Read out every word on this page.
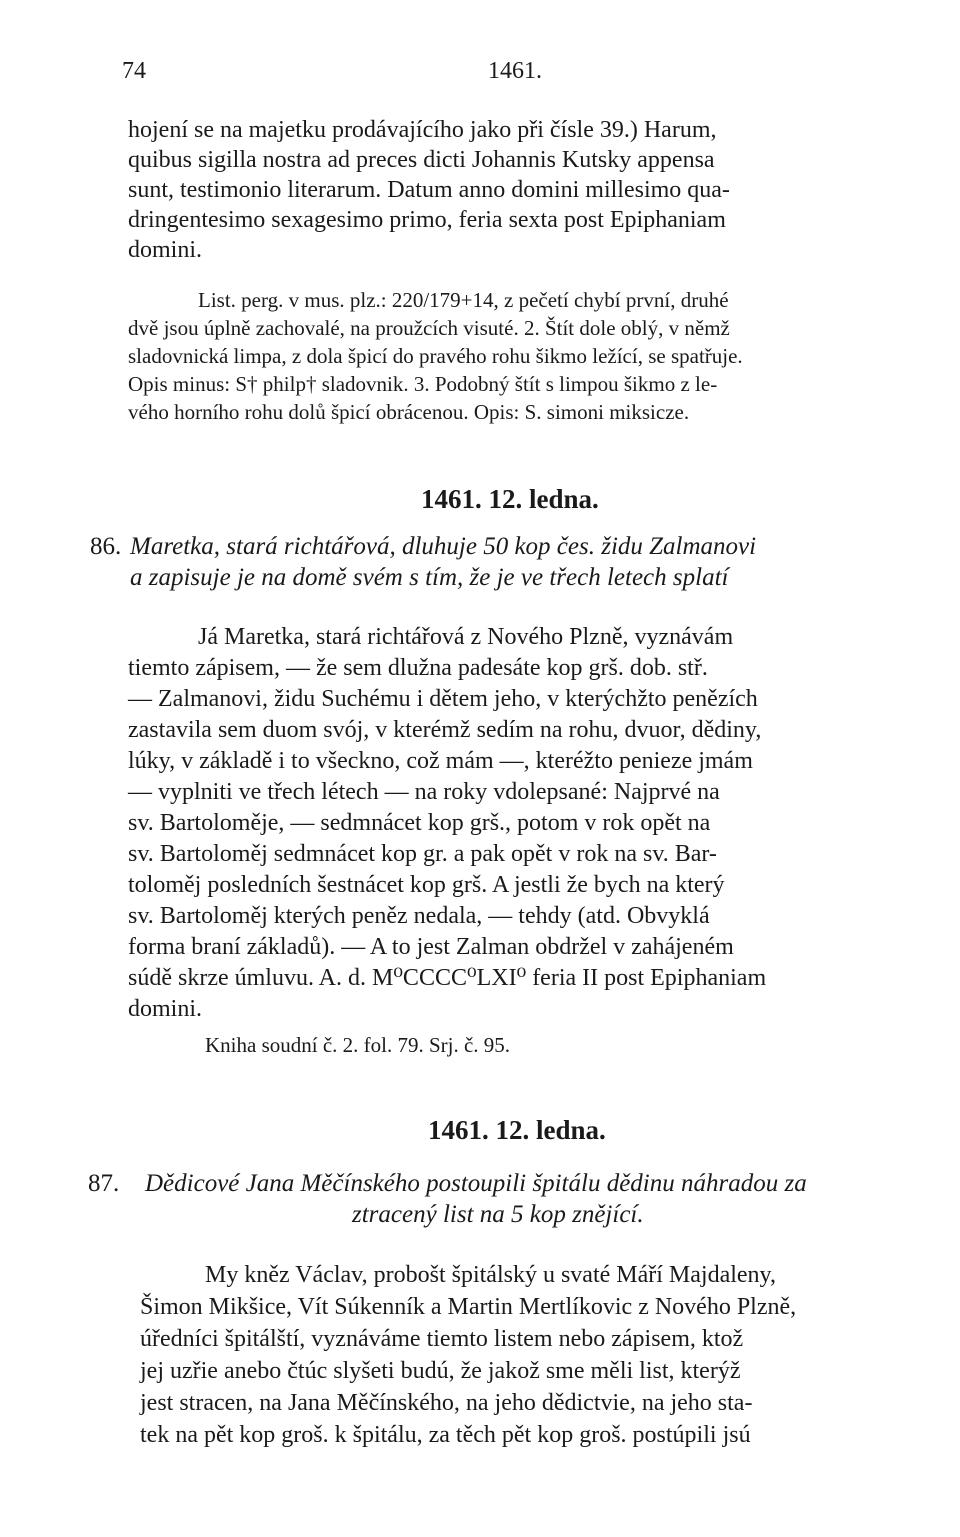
74	1461.
hojení se na majetku prodávajícího jako při čísle 39.) Harum,
quibus sigilla nostra ad preces dicti Johannis Kutsky appensa
sunt, testimonio literarum. Datum anno domini millesimo qua-
dringentesimo sexagesimo primo, feria sexta post Epiphaniam
domini.
List. perg. v mus. plz.: 220/179+14, z pečetí chybí první, druhé
dvě jsou úplně zachovalé, na proužcích visuté. 2. Štít dole oblý, v němž
sladovnická limpa, z dola špicí do pravého rohu šikmo ležící, se spatřuje.
Opis minus: S† philp† sladovnik. 3. Podobný štít s limpou šikmo z le-
vého horního rohu dolů špicí obrácenou. Opis: S. simoni miksicze.
1461. 12. ledna.
86. Maretka, stará richtářová, dluhuje 50 kop čes. židu Zalmanovi
a zapisuje je na domě svém s tím, že je ve třech letech splatí
Já Maretka, stará richtářová z Nového Plzně, vyznávám
tiemto zápisem, — že sem dlužna padesáte kop grš. dob. stř.
— Zalmanovi, židu Suchému i dětem jeho, v kterýchžto penězích
zastavila sem duom svój, v kterémž sedím na rohu, dvuor, dědiny,
lúky, v základě i to všeckno, což mám —, kteréžto penieze jmám
— vyplniti ve třech létech — na roky vdolepsané: Najprvé na
sv. Bartoloměje, — sedmnácet kop grš., potom v rok opět na
sv. Bartoloměj sedmnácet kop gr. a pak opět v rok na sv. Bar-
toloměj posledních šestnácet kop grš. A jestli že bych na který
sv. Bartoloměj kterých peněz nedala, — tehdy (atd. Obvyklá
forma braní základů). — A to jest Zalman obdržel v zahájeném
súdě skrze úmluvu. A. d. M⁰CCCC⁰LXI⁰ feria II post Epiphaniam
domini.
Kniha soudní č. 2. fol. 79. Srj. č. 95.
1461. 12. ledna.
87. Dědicové Jana Měčínského postoupili špitálu dědinu náhradou za
ztracený list na 5 kop znějící.
My kněz Václav, probošt špitálský u svaté Máří Majdaleny,
Šimon Mikšice, Vít Súkenník a Martin Mertlíkovic z Nového Plzně,
úředníci špitálští, vyznáváme tiemto listem nebo zápisem, ktož
jej uzřie anebo čtúc slyšeti budú, že jakož sme měli list, kterýž
jest stracen, na Jana Měčínského, na jeho dědictvie, na jeho sta-
tek na pět kop groš. k špitálu, za těch pět kop groš. postúpili jsú
